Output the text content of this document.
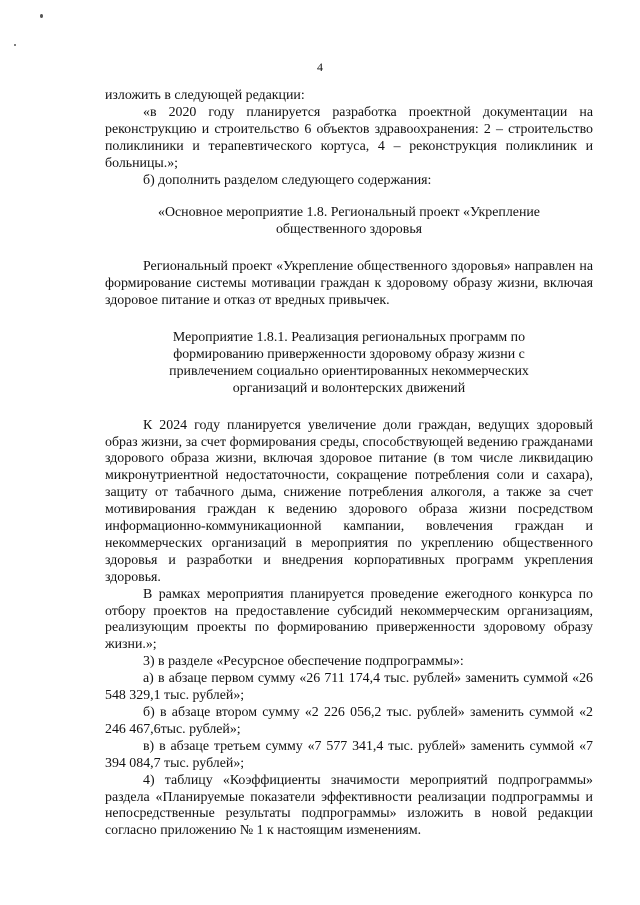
4

изложить в следующей редакции:

«в 2020 году планируется разработка проектной документации на реконструкцию и строительство 6 объектов здравоохранения: 2 – строительство поликлиники и терапевтического кортуса, 4 – реконструкция поликлиник и больницы.»;

б) дополнить разделом следующего содержания:

«Основное мероприятие 1.8. Региональный проект «Укрепление общественного здоровья

Региональный проект «Укрепление общественного здоровья» направлен на формирование системы мотивации граждан к здоровому образу жизни, включая здоровое питание и отказ от вредных привычек.

Мероприятие 1.8.1. Реализация региональных программ по формированию приверженности здоровому образу жизни с привлечением социально ориентированных некоммерческих организаций и волонтерских движений

К 2024 году планируется увеличение доли граждан, ведущих здоровый образ жизни, за счет формирования среды, способствующей ведению гражданами здорового образа жизни, включая здоровое питание (в том числе ликвидацию микронутриентной недостаточности, сокращение потребления соли и сахара), защиту от табачного дыма, снижение потребления алкоголя, а также за счет мотивирования граждан к ведению здорового образа жизни посредством информационно-коммуникационной кампании, вовлечения граждан и некоммерческих организаций в мероприятия по укреплению общественного здоровья и разработки и внедрения корпоративных программ укрепления здоровья.

В рамках мероприятия планируется проведение ежегодного конкурса по отбору проектов на предоставление субсидий некоммерческим организациям, реализующим проекты по формированию приверженности здоровому образу жизни.»;

3) в разделе «Ресурсное обеспечение подпрограммы»:

а) в абзаце первом сумму «26 711 174,4 тыс. рублей» заменить суммой «26 548 329,1 тыс. рублей»;

б) в абзаце втором сумму «2 226 056,2 тыс. рублей» заменить суммой «2 246 467,6тыс. рублей»;

в) в абзаце третьем сумму «7 577 341,4 тыс. рублей» заменить суммой «7 394 084,7 тыс. рублей»;

4) таблицу «Коэффициенты значимости мероприятий подпрограммы» раздела «Планируемые показатели эффективности реализации подпрограммы и непосредственные результаты подпрограммы» изложить в новой редакции согласно приложению № 1 к настоящим изменениям.
